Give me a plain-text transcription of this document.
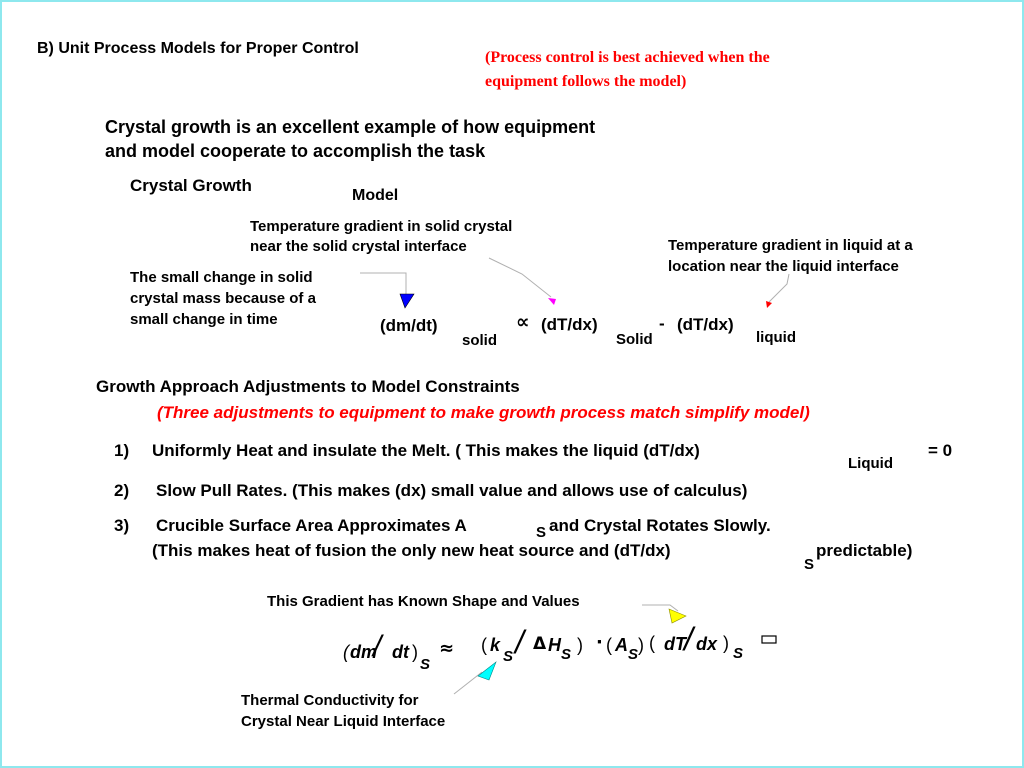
B) Unit Process Models for Proper Control
(Process control is best achieved when the
equipment follows the model)
Crystal growth is an excellent example of how equipment
and model cooperate to accomplish the task
Crystal Growth
Model
Temperature gradient in solid crystal
near the solid crystal interface	Temperature gradient in liquid at a
location near the liquid interface
The small change in solid
crystal mass because of a
small change in time	(dm/dt)
solid
∝ (dT/dx)
Solid
- (dT/dx)
liquid
Growth Approach Adjustments to Model Constraints
(Three adjustments to equipment to make growth process match simplify model)
1) Uniformly Heat and insulate the Melt. ( This makes the liquid (dT/dx)
Liquid
= 0
2) Slow Pull Rates. (This makes (dx) small value and allows use of calculus)
3) Crucible Surface Area Approximates A	S and Crystal Rotates Slowly.
(This makes heat of fusion the only new heat source and (dT/dx)
S
predictable)
This Gradient has Known Shape and Values
Thermal Conductivity for
Crystal Near Liquid Interface
( dm
/ dt )
S
≈ ( k
S / Δ H S ) ⋅ ( A S ) ( dT
/ dx )
S
